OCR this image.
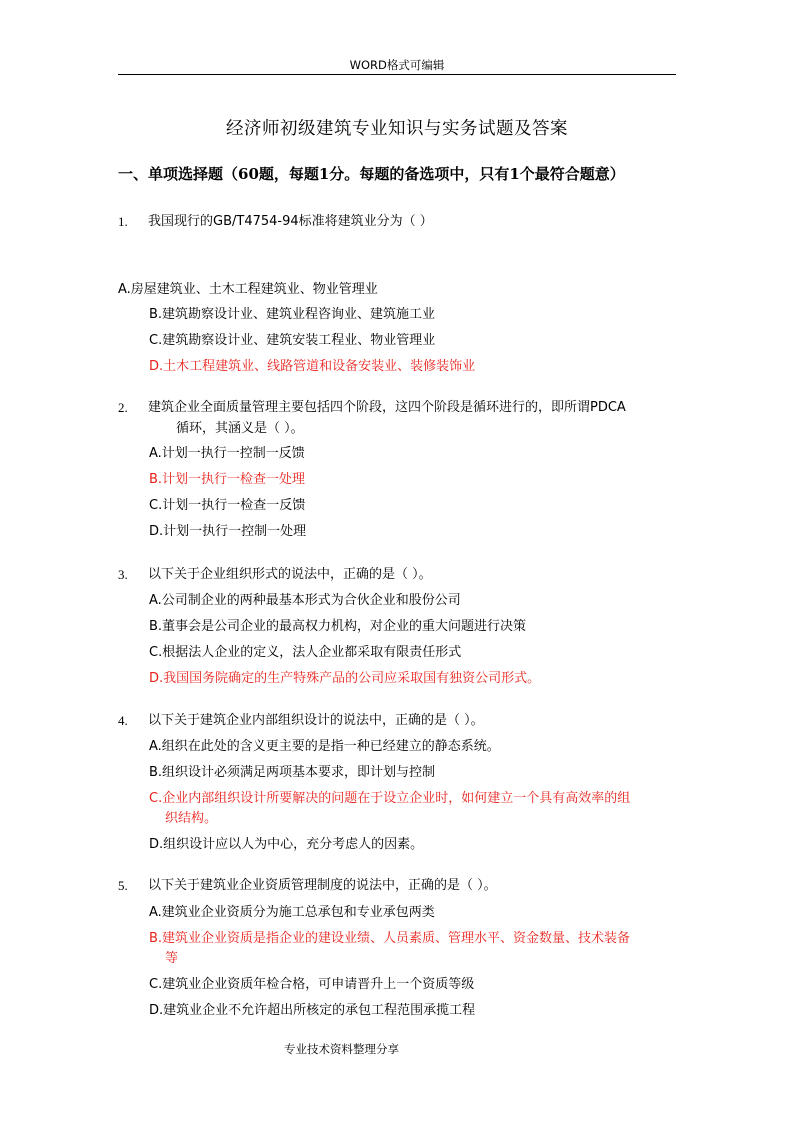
WORD格式可编辑
经济师初级建筑专业知识与实务试题及答案
一、单项选择题（60题，每题1分。每题的备选项中，只有1个最符合题意）
1. 我国现行的GB/T4754-94标准将建筑业分为（ ）
A.房屋建筑业、土木工程建筑业、物业管理业
B.建筑勘察设计业、建筑业程咨询业、建筑施工业
C.建筑勘察设计业、建筑安装工程业、物业管理业
D.土木工程建筑业、线路管道和设备安装业、装修装饰业
2. 建筑企业全面质量管理主要包括四个阶段，这四个阶段是循环进行的，即所谓PDCA
循环，其涵义是（ ）。
A.计划一执行一控制一反馈
B.计划一执行一检查一处理
C.计划一执行一检查一反馈
D.计划一执行一控制一处理
3. 以下关于企业组织形式的说法中，正确的是（ ）。
A.公司制企业的两种最基本形式为合伙企业和股份公司
B.董事会是公司企业的最高权力机构，对企业的重大问题进行决策
C.根据法人企业的定义，法人企业都采取有限责任形式
D.我国国务院确定的生产特殊产品的公司应采取国有独资公司形式。
4. 以下关于建筑企业内部组织设计的说法中，正确的是（ ）。
A.组织在此处的含义更主要的是指一种已经建立的静态系统。
B.组织设计必须满足两项基本要求，即计划与控制
C.企业内部组织设计所要解决的问题在于设立企业时，如何建立一个具有高效率的组
织结构。
D.组织设计应以人为中心，充分考虑人的因素。
5. 以下关于建筑业企业资质管理制度的说法中，正确的是（ ）。
A.建筑业企业资质分为施工总承包和专业承包两类
B.建筑业企业资质是指企业的建设业绩、人员素质、管理水平、资金数量、技术装备
等
C.建筑业企业资质年检合格，可申请晋升上一个资质等级
D.建筑业企业不允许超出所核定的承包工程范围承揽工程
专业技术资料整理分享
